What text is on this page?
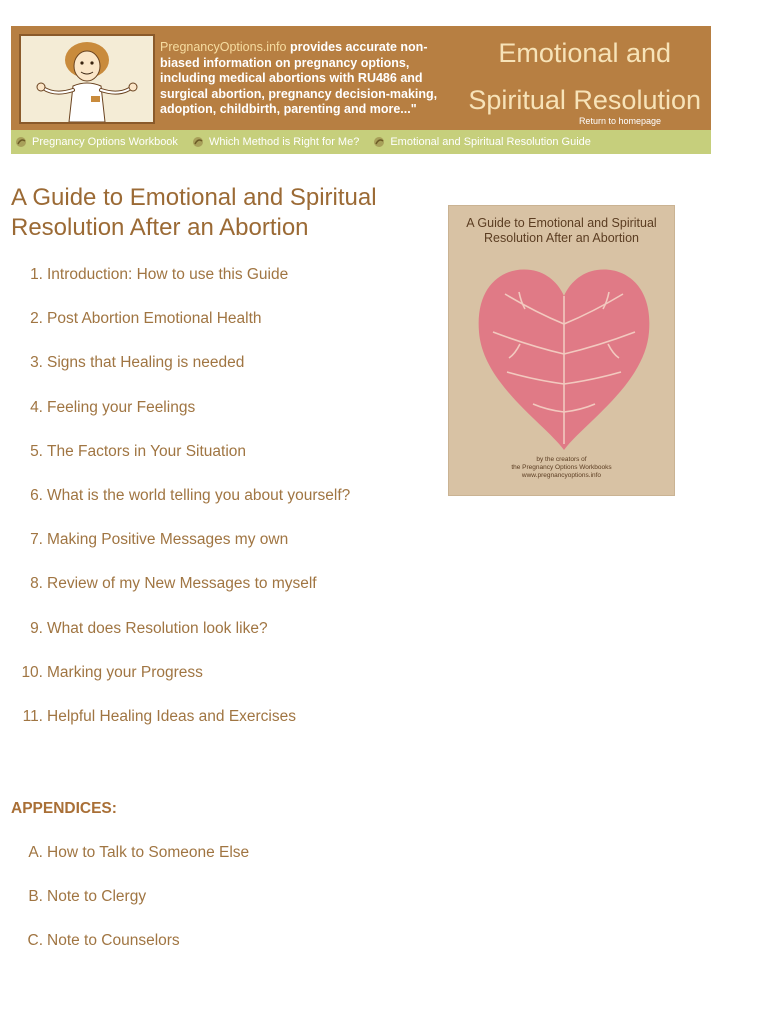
PregnancyOptions.info provides accurate non-biased information on pregnancy options, including medical abortions with RU486 and surgical abortion, pregnancy decision-making, adoption, childbirth, parenting and more..."
Emotional and
Spiritual Resolution
Return to homepage
Pregnancy Options Workbook	Which Method is Right for Me?	Emotional and Spiritual Resolution Guide
A Guide to Emotional and Spiritual Resolution After an Abortion
1. Introduction: How to use this Guide
2. Post Abortion Emotional Health
3. Signs that Healing is needed
4. Feeling your Feelings
5. The Factors in Your Situation
6. What is the world telling you about yourself?
7. Making Positive Messages my own
8. Review of my New Messages to myself
9. What does Resolution look like?
10. Marking your Progress
11. Helpful Healing Ideas and Exercises
APPENDICES:
A. How to Talk to Someone Else
B. Note to Clergy
C. Note to Counselors
A Guide to Emotional and Spiritual
Resolution After an Abortion
by the creators of
the Pregnancy Options Workbooks
www.pregnancyoptions.info
